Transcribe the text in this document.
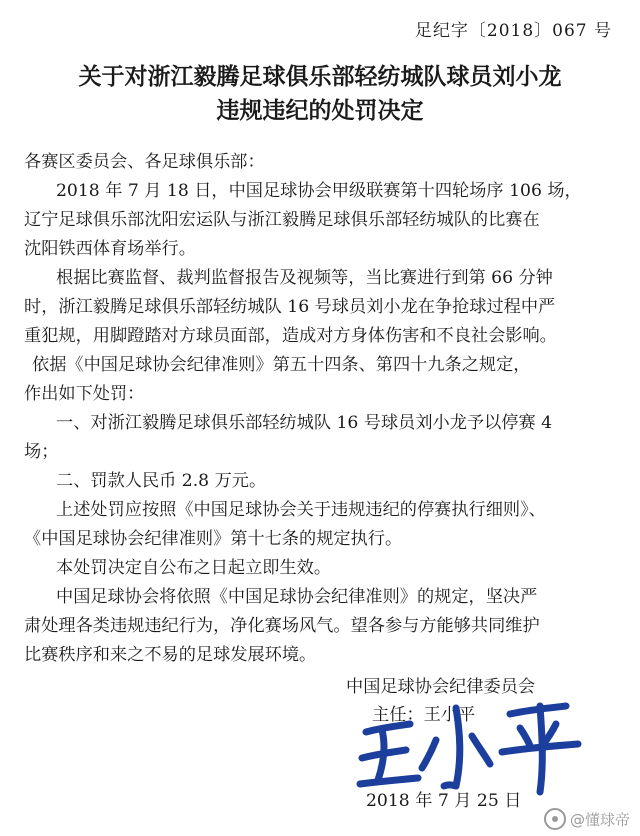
足纪字〔2018〕067 号
关于对浙江毅腾足球俱乐部轻纺城队球员刘小龙
违规违纪的处罚决定

各赛区委员会、各足球俱乐部：

2018 年 7 月 18 日，中国足球协会甲级联赛第十四轮场序 106 场，

辽宁足球俱乐部沈阳宏运队与浙江毅腾足球俱乐部轻纺城队的比赛在

沈阳铁西体育场举行。

根据比赛监督、裁判监督报告及视频等，当比赛进行到第 66 分钟

时，浙江毅腾足球俱乐部轻纺城队 16 号球员刘小龙在争抢球过程中严

重犯规，用脚蹬踏对方球员面部，造成对方身体伤害和不良社会影响。

依据《中国足球协会纪律准则》第五十四条、第四十九条之规定，

作出如下处罚：

一、对浙江毅腾足球俱乐部轻纺城队 16 号球员刘小龙予以停赛 4

场；

二、罚款人民币 2.8 万元。

上述处罚应按照《中国足球协会关于违规违纪的停赛执行细则》、

《中国足球协会纪律准则》第十七条的规定执行。

本处罚决定自公布之日起立即生效。

中国足球协会将依照《中国足球协会纪律准则》的规定，坚决严

肃处理各类违规违纪行为，净化赛场风气。望各参与方能够共同维护

比赛秩序和来之不易的足球发展环境。

中国足球协会纪律委员会
主任：王小平
2018 年 7 月 25 日
@懂球帝
